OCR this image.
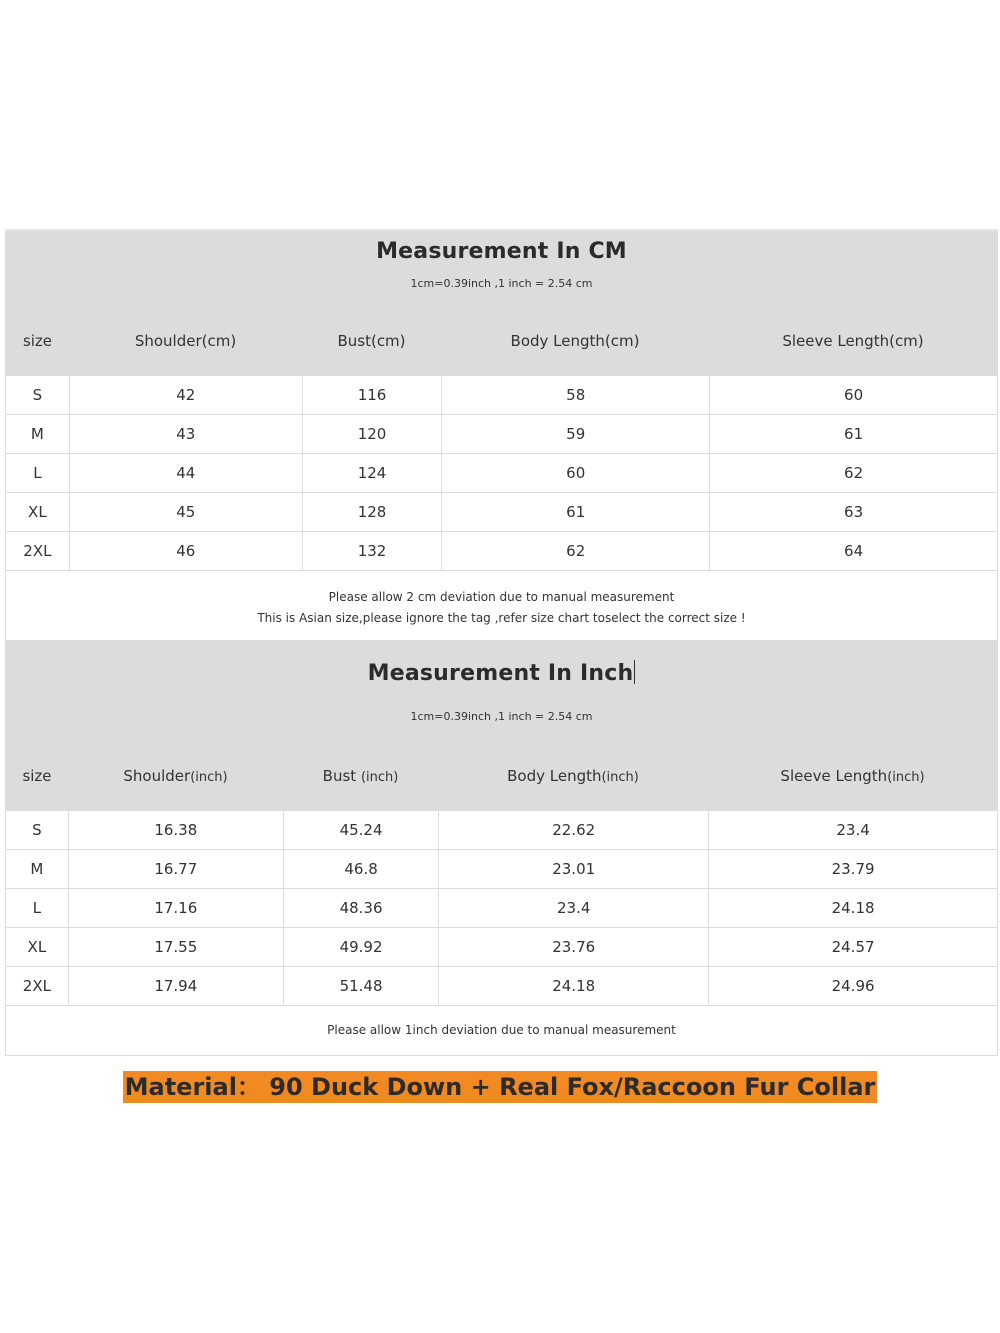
Measurement In CM
1cm=0.39inch ,1 inch = 2.54 cm
size	Shoulder(cm)	Bust(cm)	Body Length(cm)	Sleeve Length(cm)
S	42	116	58	60
M	43	120	59	61
L	44	124	60	62
XL	45	128	61	63
2XL	46	132	62	64
Please allow 2 cm deviation due to manual measurement
This is Asian size,please ignore the tag ,refer size chart toselect the correct size !
Measurement In Inch
1cm=0.39inch ,1 inch = 2.54 cm
size	Shoulder(inch)	Bust (inch)	Body Length(inch)	Sleeve Length(inch)
S	16.38	45.24	22.62	23.4
M	16.77	46.8	23.01	23.79
L	17.16	48.36	23.4	24.18
XL	17.55	49.92	23.76	24.57
2XL	17.94	51.48	24.18	24.96
Please allow 1inch deviation due to manual measurement
Material： 90 Duck Down + Real Fox/Raccoon Fur Collar
